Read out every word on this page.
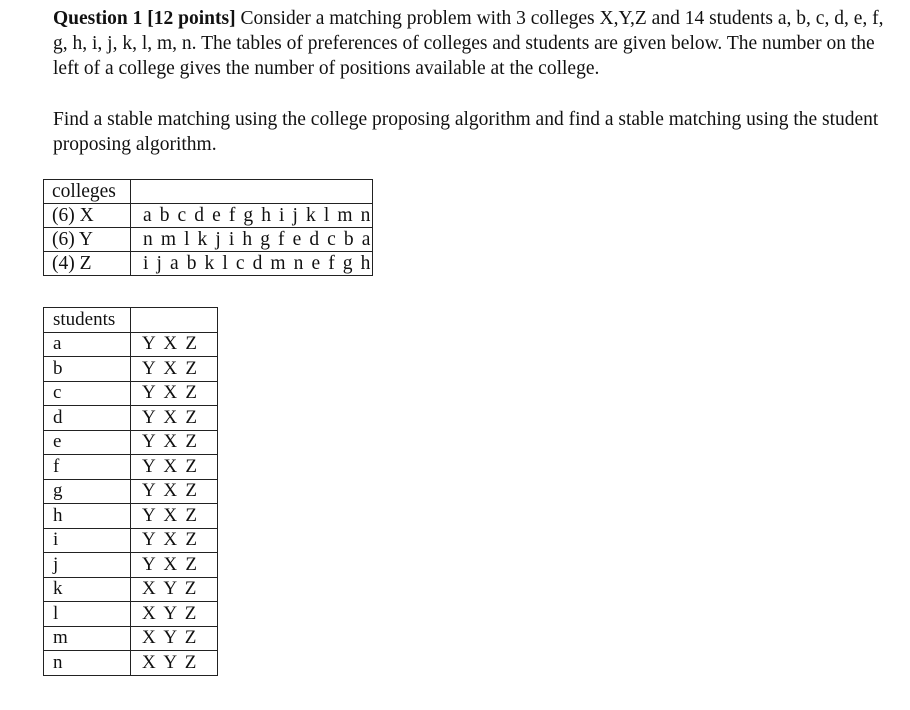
Question 1 [12 points] Consider a matching problem with 3 colleges X,Y,Z and 14 students a, b, c, d, e, f, g, h, i, j, k, l, m, n. The tables of preferences of colleges and students are given below. The number on the left of a college gives the number of positions available at the college.

Find a stable matching using the college proposing algorithm and find a stable matching using the student proposing algorithm.

colleges	
(6) X	a b c d e f g h i j k l m n
(6) Y	n m l k j i h g f e d c b a
(4) Z	i j a b k l c d m n e f g h
students	
a	Y X Z
b	Y X Z
c	Y X Z
d	Y X Z
e	Y X Z
f	Y X Z
g	Y X Z
h	Y X Z
i	Y X Z
j	Y X Z
k	X Y Z
l	X Y Z
m	X Y Z
n	X Y Z
